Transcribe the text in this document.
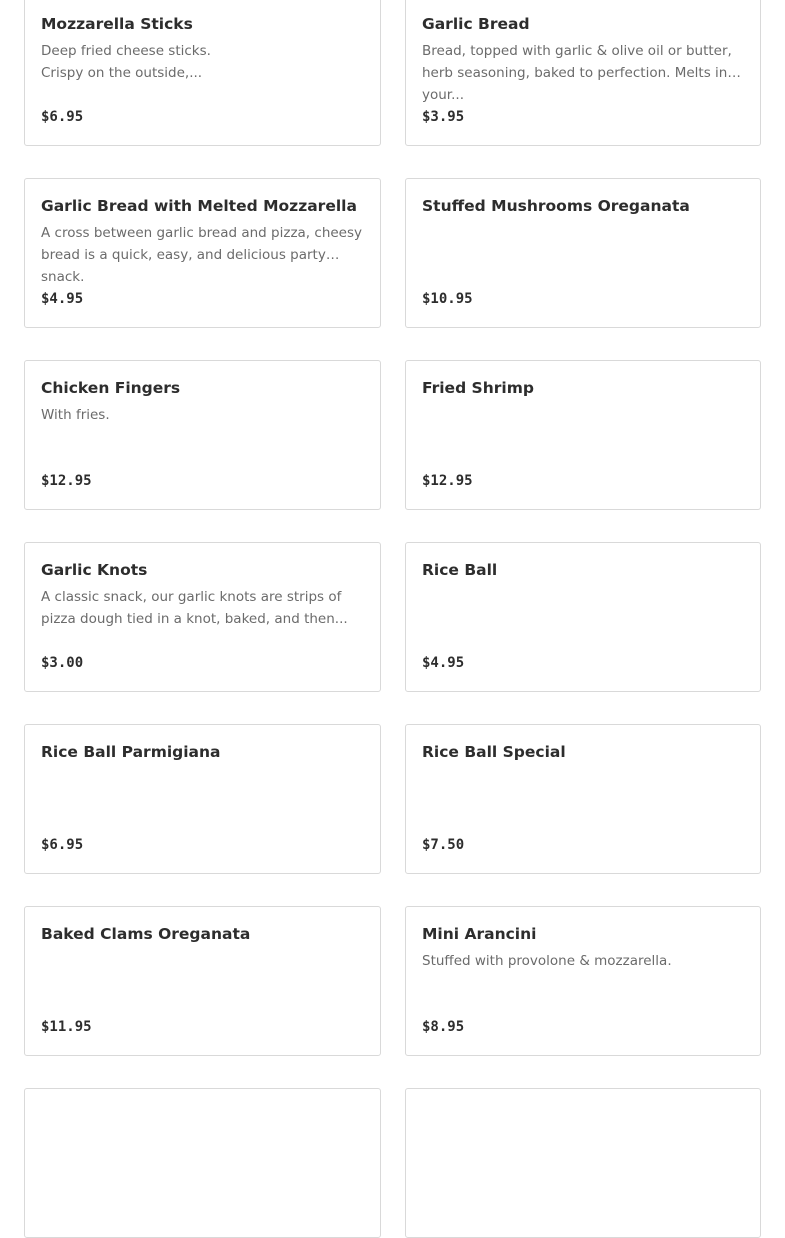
Mozzarella Sticks
Deep fried cheese sticks.
Crispy on the outside,...
$6.95
Garlic Bread
Bread, topped with garlic & olive oil or butter, herb seasoning, baked to perfection. Melts in your...
$3.95
Garlic Bread with Melted Mozzarella
A cross between garlic bread and pizza, cheesy bread is a quick, easy, and delicious party snack.
$4.95
Stuffed Mushrooms Oreganata
$10.95
Chicken Fingers
With fries.
$12.95
Fried Shrimp
$12.95
Garlic Knots
A classic snack, our garlic knots are strips of pizza dough tied in a knot, baked, and then...
$3.00
Rice Ball
$4.95
Rice Ball Parmigiana
$6.95
Rice Ball Special
$7.50
Baked Clams Oreganata
$11.95
Mini Arancini
Stuffed with provolone & mozzarella.
$8.95
